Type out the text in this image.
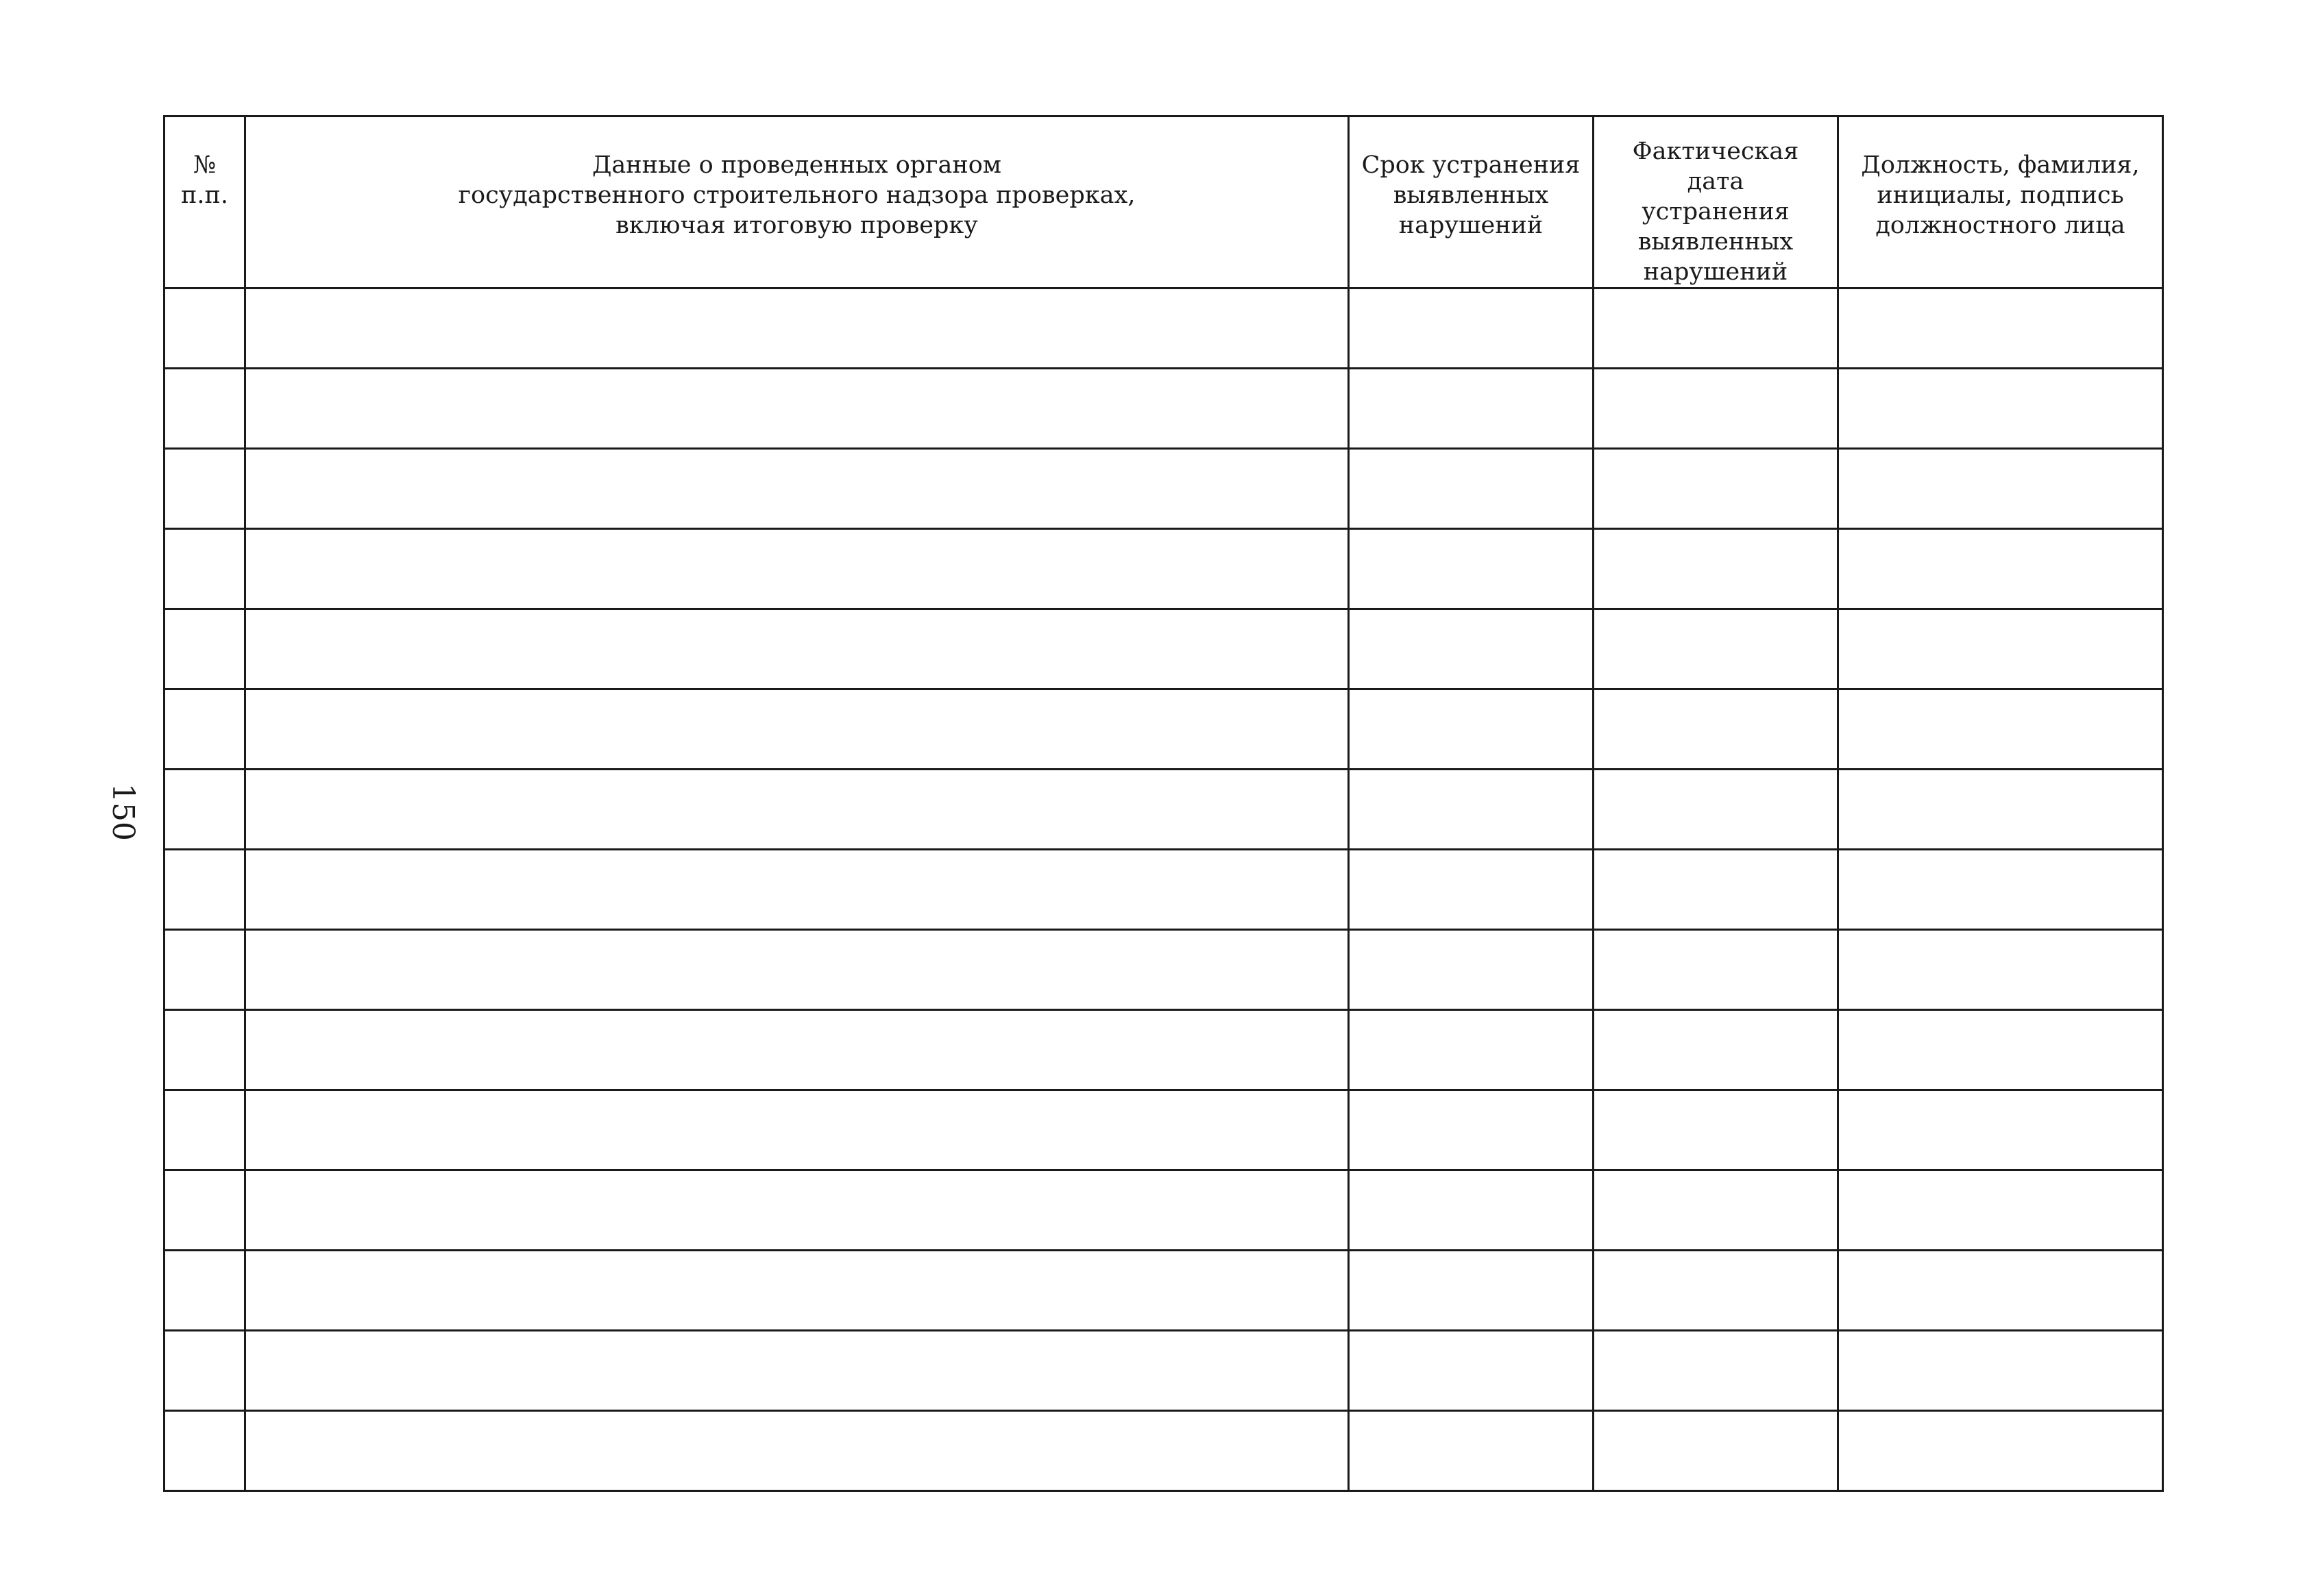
150
№
п.п.	Данные о проведенных органом
государственного строительного надзора проверках,
включая итоговую проверку	Срок устранения
выявленных
нарушений	Фактическая дата
устранения
выявленных
нарушений	Должность, фамилия,
инициалы, подпись
должностного лица
